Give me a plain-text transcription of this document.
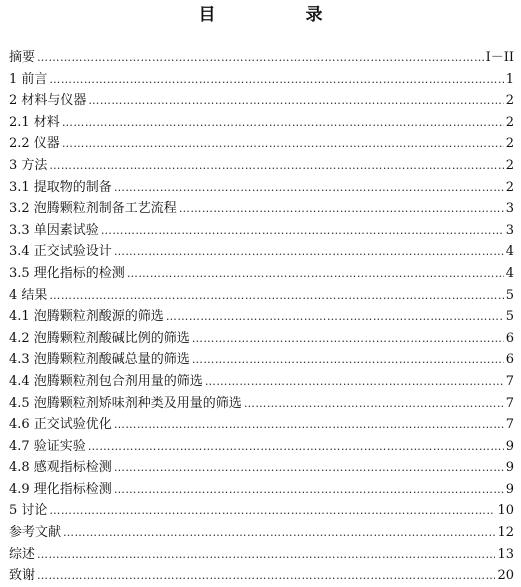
目 录
摘要 …………………………………………………………………………………………………………………………………………………………………………………………………………………………………………………	I－II
1 前言 …………………………………………………………………………………………………………………………………………………………………………………………………………………………………………………	1
2 材料与仪器 …………………………………………………………………………………………………………………………………………………………………………………………………………………………………………………	2
2.1 材料 …………………………………………………………………………………………………………………………………………………………………………………………………………………………………………………	2
2.2 仪器 …………………………………………………………………………………………………………………………………………………………………………………………………………………………………………………	2
3 方法 …………………………………………………………………………………………………………………………………………………………………………………………………………………………………………………	2
3.1 提取物的制备 …………………………………………………………………………………………………………………………………………………………………………………………………………………………………………………	2
3.2 泡腾颗粒剂制备工艺流程 …………………………………………………………………………………………………………………………………………………………………………………………………………………………………………………	3
3.3 单因素试验 …………………………………………………………………………………………………………………………………………………………………………………………………………………………………………………	3
3.4 正交试验设计 …………………………………………………………………………………………………………………………………………………………………………………………………………………………………………………	4
3.5 理化指标的检测 …………………………………………………………………………………………………………………………………………………………………………………………………………………………………………………	4
4 结果 …………………………………………………………………………………………………………………………………………………………………………………………………………………………………………………	5
4.1 泡腾颗粒剂酸源的筛选 …………………………………………………………………………………………………………………………………………………………………………………………………………………………………………………	5
4.2 泡腾颗粒剂酸碱比例的筛选 …………………………………………………………………………………………………………………………………………………………………………………………………………………………………………………	6
4.3 泡腾颗粒剂酸碱总量的筛选 …………………………………………………………………………………………………………………………………………………………………………………………………………………………………………………	6
4.4 泡腾颗粒剂包合剂用量的筛选 …………………………………………………………………………………………………………………………………………………………………………………………………………………………………………………	7
4.5 泡腾颗粒剂矫味剂种类及用量的筛选 …………………………………………………………………………………………………………………………………………………………………………………………………………………………………………………	7
4.6 正交试验优化 …………………………………………………………………………………………………………………………………………………………………………………………………………………………………………………	7
4.7 验证实验 …………………………………………………………………………………………………………………………………………………………………………………………………………………………………………………	9
4.8 感观指标检测 …………………………………………………………………………………………………………………………………………………………………………………………………………………………………………………	9
4.9 理化指标检测 …………………………………………………………………………………………………………………………………………………………………………………………………………………………………………………	9
5 讨论 …………………………………………………………………………………………………………………………………………………………………………………………………………………………………………………	10
参考文献 …………………………………………………………………………………………………………………………………………………………………………………………………………………………………………………	12
综述 …………………………………………………………………………………………………………………………………………………………………………………………………………………………………………………	13
致谢 …………………………………………………………………………………………………………………………………………………………………………………………………………………………………………………	20
